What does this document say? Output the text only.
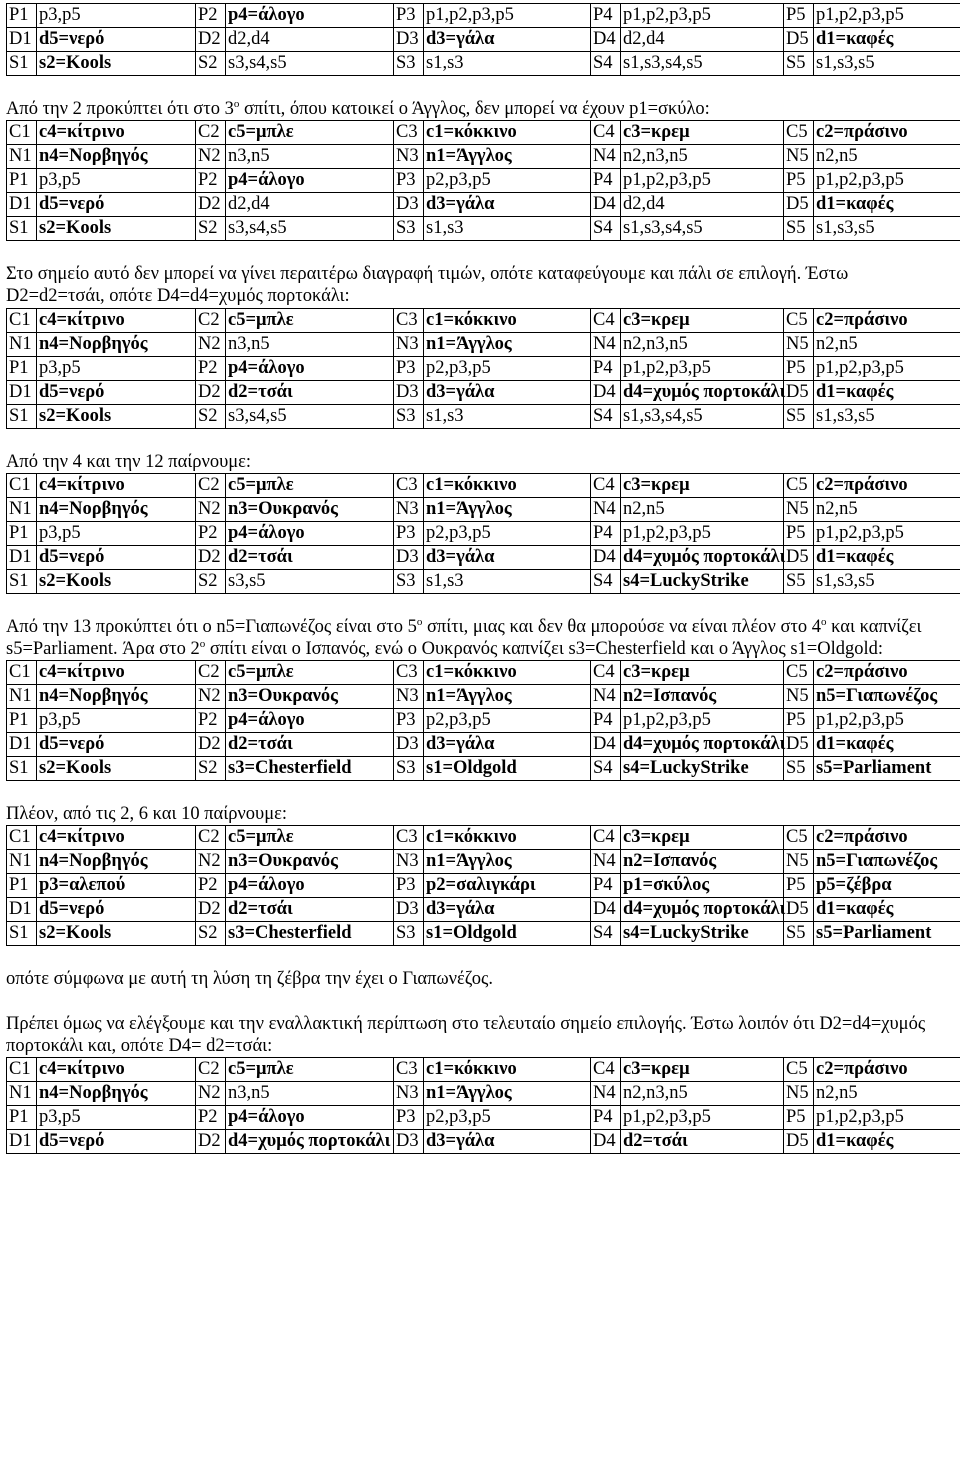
P1	p3,p5	P2	p4=άλογο	P3	p1,p2,p3,p5	P4	p1,p2,p3,p5	P5	p1,p2,p3,p5
D1	d5=νερό	D2	d2,d4	D3	d3=γάλα	D4	d2,d4	D5	d1=καφές
S1	s2=Kools	S2	s3,s4,s5	S3	s1,s3	S4	s1,s3,s4,s5	S5	s1,s3,s5

Από την 2 προκύπτει ότι στο $3^o$ σπίτι, όπου κατοικεί ο Άγγλος, δεν μπορεί να έχουν p1=σκύλο:

C1	c4=κίτρινο	C2	c5=μπλε	C3	c1=κόκκινο	C4	c3=κρεμ	C5	c2=πράσινο
N1	n4=Νορβηγός	N2	n3,n5	N3	n1=Άγγλος	N4	n2,n3,n5	N5	n2,n5
P1	p3,p5	P2	p4=άλογο	P3	p2,p3,p5	P4	p1,p2,p3,p5	P5	p1,p2,p3,p5
D1	d5=νερό	D2	d2,d4	D3	d3=γάλα	D4	d2,d4	D5	d1=καφές
S1	s2=Kools	S2	s3,s4,s5	S3	s1,s3	S4	s1,s3,s4,s5	S5	s1,s3,s5

Στο σημείο αυτό δεν μπορεί να γίνει περαιτέρω διαγραφή τιμών, οπότε καταφεύγουμε και πάλι σε επιλογή. Έστω D2=d2=τσάι, οπότε D4=d4=χυμός πορτοκάλι:

C1	c4=κίτρινο	C2	c5=μπλε	C3	c1=κόκκινο	C4	c3=κρεμ	C5	c2=πράσινο
N1	n4=Νορβηγός	N2	n3,n5	N3	n1=Άγγλος	N4	n2,n3,n5	N5	n2,n5
P1	p3,p5	P2	p4=άλογο	P3	p2,p3,p5	P4	p1,p2,p3,p5	P5	p1,p2,p3,p5
D1	d5=νερό	D2	d2=τσάι	D3	d3=γάλα	D4	d4=χυμός πορτοκάλι	D5	d1=καφές
S1	s2=Kools	S2	s3,s4,s5	S3	s1,s3	S4	s1,s3,s4,s5	S5	s1,s3,s5

Από την 4 και την 12 παίρνουμε:

C1	c4=κίτρινο	C2	c5=μπλε	C3	c1=κόκκινο	C4	c3=κρεμ	C5	c2=πράσινο
N1	n4=Νορβηγός	N2	n3=Ουκρανός	N3	n1=Άγγλος	N4	n2,n5	N5	n2,n5
P1	p3,p5	P2	p4=άλογο	P3	p2,p3,p5	P4	p1,p2,p3,p5	P5	p1,p2,p3,p5
D1	d5=νερό	D2	d2=τσάι	D3	d3=γάλα	D4	d4=χυμός πορτοκάλι	D5	d1=καφές
S1	s2=Kools	S2	s3,s5	S3	s1,s3	S4	s4=LuckyStrike	S5	s1,s3,s5

Από την 13 προκύπτει ότι ο n5=Γιαπωνέζος είναι στο $5^o$ σπίτι, μιας και δεν θα μπορούσε να είναι πλέον στο $4^o$ και καπνίζει s5=Parliament. Άρα στο $2^o$ σπίτι είναι ο Ισπανός, ενώ ο Ουκρανός καπνίζει s3=Chesterfield και ο Άγγλος s1=Oldgold:

C1	c4=κίτρινο	C2	c5=μπλε	C3	c1=κόκκινο	C4	c3=κρεμ	C5	c2=πράσινο
N1	n4=Νορβηγός	N2	n3=Ουκρανός	N3	n1=Άγγλος	N4	n2=Ισπανός	N5	n5=Γιαπωνέζος
P1	p3,p5	P2	p4=άλογο	P3	p2,p3,p5	P4	p1,p2,p3,p5	P5	p1,p2,p3,p5
D1	d5=νερό	D2	d2=τσάι	D3	d3=γάλα	D4	d4=χυμός πορτοκάλι	D5	d1=καφές
S1	s2=Kools	S2	s3=Chesterfield	S3	s1=Oldgold	S4	s4=LuckyStrike	S5	s5=Parliament

Πλέον, από τις 2, 6 και 10 παίρνουμε:

C1	c4=κίτρινο	C2	c5=μπλε	C3	c1=κόκκινο	C4	c3=κρεμ	C5	c2=πράσινο
N1	n4=Νορβηγός	N2	n3=Ουκρανός	N3	n1=Άγγλος	N4	n2=Ισπανός	N5	n5=Γιαπωνέζος
P1	p3=αλεπού	P2	p4=άλογο	P3	p2=σαλιγκάρι	P4	p1=σκύλος	P5	p5=ζέβρα
D1	d5=νερό	D2	d2=τσάι	D3	d3=γάλα	D4	d4=χυμός πορτοκάλι	D5	d1=καφές
S1	s2=Kools	S2	s3=Chesterfield	S3	s1=Oldgold	S4	s4=LuckyStrike	S5	s5=Parliament

οπότε σύμφωνα με αυτή τη λύση τη ζέβρα την έχει ο Γιαπωνέζος.

Πρέπει όμως να ελέγξουμε και την εναλλακτική περίπτωση στο τελευταίο σημείο επιλογής. Έστω λοιπόν ότι D2=d4=χυμός πορτοκάλι και, οπότε D4= d2=τσάι:

C1	c4=κίτρινο	C2	c5=μπλε	C3	c1=κόκκινο	C4	c3=κρεμ	C5	c2=πράσινο
N1	n4=Νορβηγός	N2	n3,n5	N3	n1=Άγγλος	N4	n2,n3,n5	N5	n2,n5
P1	p3,p5	P2	p4=άλογο	P3	p2,p3,p5	P4	p1,p2,p3,p5	P5	p1,p2,p3,p5
D1	d5=νερό	D2	d4=χυμός πορτοκάλι	D3	d3=γάλα	D4	d2=τσάι	D5	d1=καφές
